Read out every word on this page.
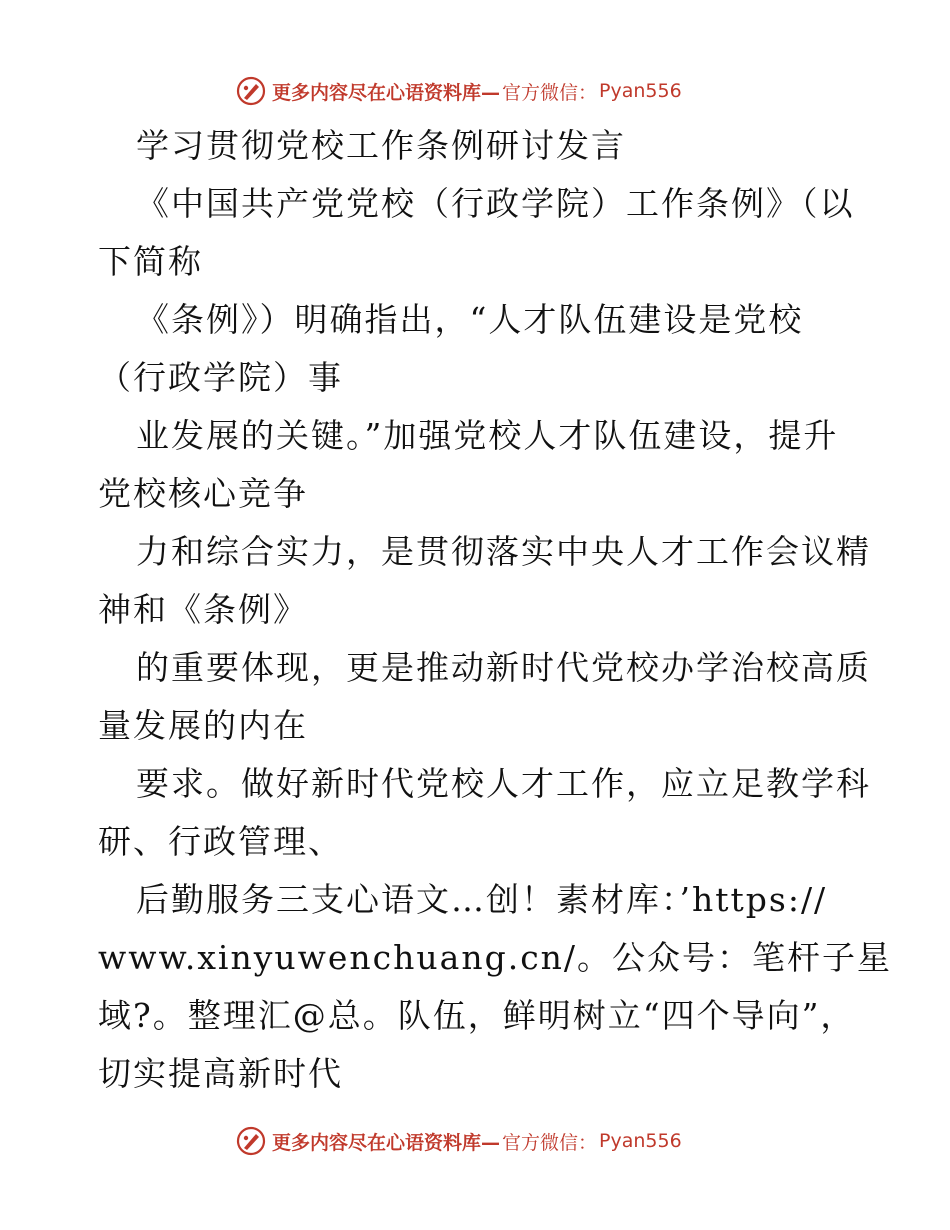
更多内容尽在心语资料库— 官方微信： Pyan556
学习贯彻党校工作条例研讨发言
《中国共产党党校（行政学院）工作条例》（以
下简称
《条例》）明确指出，“人才队伍建设是党校
（行政学院）事
业发展的关键。”加强党校人才队伍建设，提升
党校核心竞争
力和综合实力，是贯彻落实中央人才工作会议精
神和《条例》
的重要体现，更是推动新时代党校办学治校高质
量发展的内在
要求。做好新时代党校人才工作，应立足教学科
研、行政管理、
后勤服务三支心语文…创！素材库：’https://
www.xinyuwenchuang.cn/。公众号：笔杆子星
域?。整理汇@总。队伍，鲜明树立“四个导向”，
切实提高新时代
更多内容尽在心语资料库— 官方微信： Pyan556
